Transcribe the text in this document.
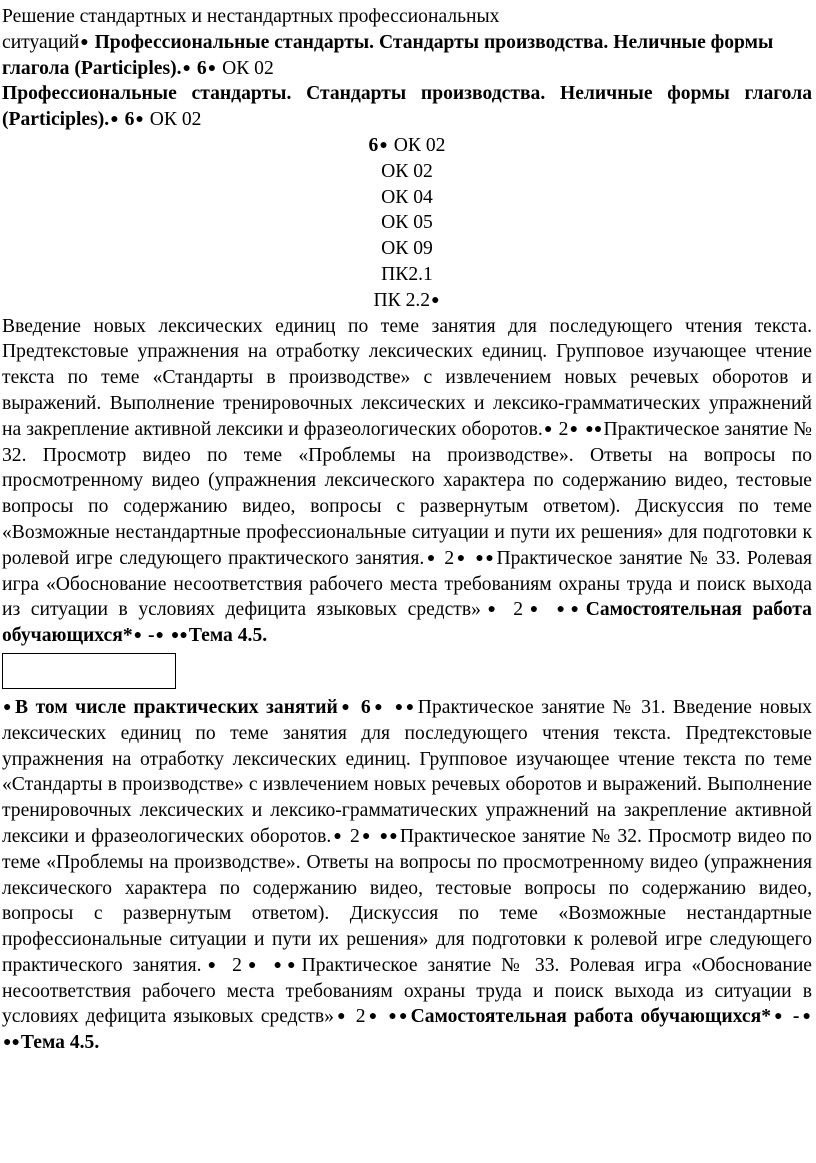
Решение стандартных и нестандартных профессиональных

ситуаций● Профессиональные стандарты. Стандарты производства. Неличные формы глагола (Participles).● 6● ОК 02

Профессиональные стандарты. Стандарты производства. Неличные формы глагола (Participles).● 6● ОК 02

6● ОК 02

ОК 02

ОК 04

ОК 05

ОК 09

ПК2.1

ПК 2.2●

Введение новых лексических единиц по теме занятия для последующего чтения текста. Предтекстовые упражнения на отработку лексических единиц. Групповое изучающее чтение текста по теме «Стандарты в производстве» с извлечением новых речевых оборотов и выражений. Выполнение тренировочных лексических и лексико-грамматических упражнений на закрепление активной лексики и фразеологических оборотов.● 2● ●●Практическое занятие № 32. Просмотр видео по теме «Проблемы на производстве». Ответы на вопросы по просмотренному видео (упражнения лексического характера по содержанию видео, тестовые вопросы по содержанию видео, вопросы с развернутым ответом). Дискуссия по теме «Возможные нестандартные профессиональные ситуации и пути их решения» для подготовки к ролевой игре следующего практического занятия.● 2● ●●Практическое занятие № 33. Ролевая игра «Обоснование несоответствия рабочего места требованиям охраны труда и поиск выхода из ситуации в условиях дефицита языковых средств»● 2● ●●Самостоятельная работа обучающихся*● -● ●●Тема 4.5.

●В том числе практических занятий● 6● ●●Практическое занятие № 31. Введение новых лексических единиц по теме занятия для последующего чтения текста. Предтекстовые упражнения на отработку лексических единиц. Групповое изучающее чтение текста по теме «Стандарты в производстве» с извлечением новых речевых оборотов и выражений. Выполнение тренировочных лексических и лексико-грамматических упражнений на закрепление активной лексики и фразеологических оборотов.● 2● ●●Практическое занятие № 32. Просмотр видео по теме «Проблемы на производстве». Ответы на вопросы по просмотренному видео (упражнения лексического характера по содержанию видео, тестовые вопросы по содержанию видео, вопросы с развернутым ответом). Дискуссия по теме «Возможные нестандартные профессиональные ситуации и пути их решения» для подготовки к ролевой игре следующего практического занятия.● 2● ●●Практическое занятие № 33. Ролевая игра «Обоснование несоответствия рабочего места требованиям охраны труда и поиск выхода из ситуации в условиях дефицита языковых средств»● 2● ●●Самостоятельная работа обучающихся*● -● ●●Тема 4.5.
